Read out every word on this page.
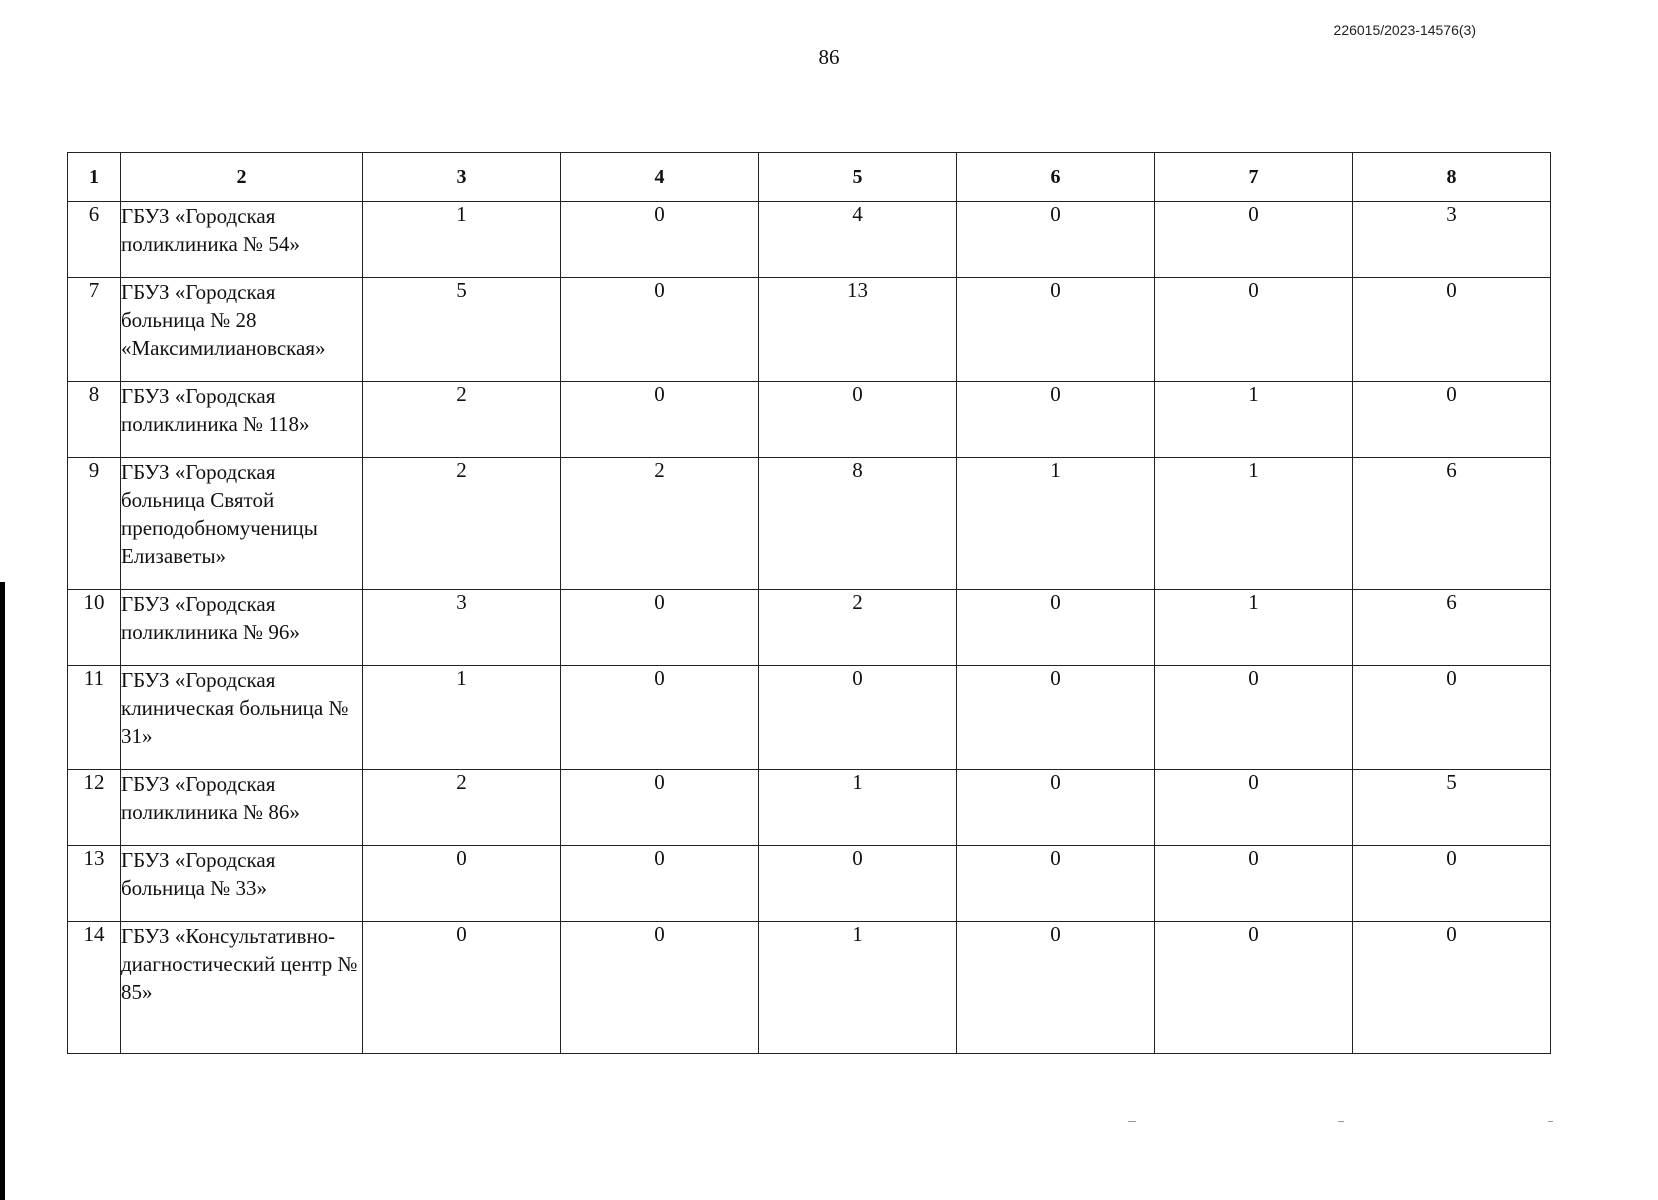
226015/2023-14576(3)
86
1	2	3	4	5	6	7	8
6	ГБУЗ «Городская поликлиника № 54»	1	0	4	0	0	3
7	ГБУЗ «Городская больница № 28 «Максимилиановская»	5	0	13	0	0	0
8	ГБУЗ «Городская поликлиника № 118»	2	0	0	0	1	0
9	ГБУЗ «Городская больница Святой преподобномученицы Елизаветы»	2	2	8	1	1	6
10	ГБУЗ «Городская поликлиника № 96»	3	0	2	0	1	6
11	ГБУЗ «Городская клиническая больница № 31»	1	0	0	0	0	0
12	ГБУЗ «Городская поликлиника № 86»	2	0	1	0	0	5
13	ГБУЗ «Городская больница № 33»	0	0	0	0	0	0
14	ГБУЗ «Консультативно-диагностический центр № 85»	0	0	1	0	0	0
